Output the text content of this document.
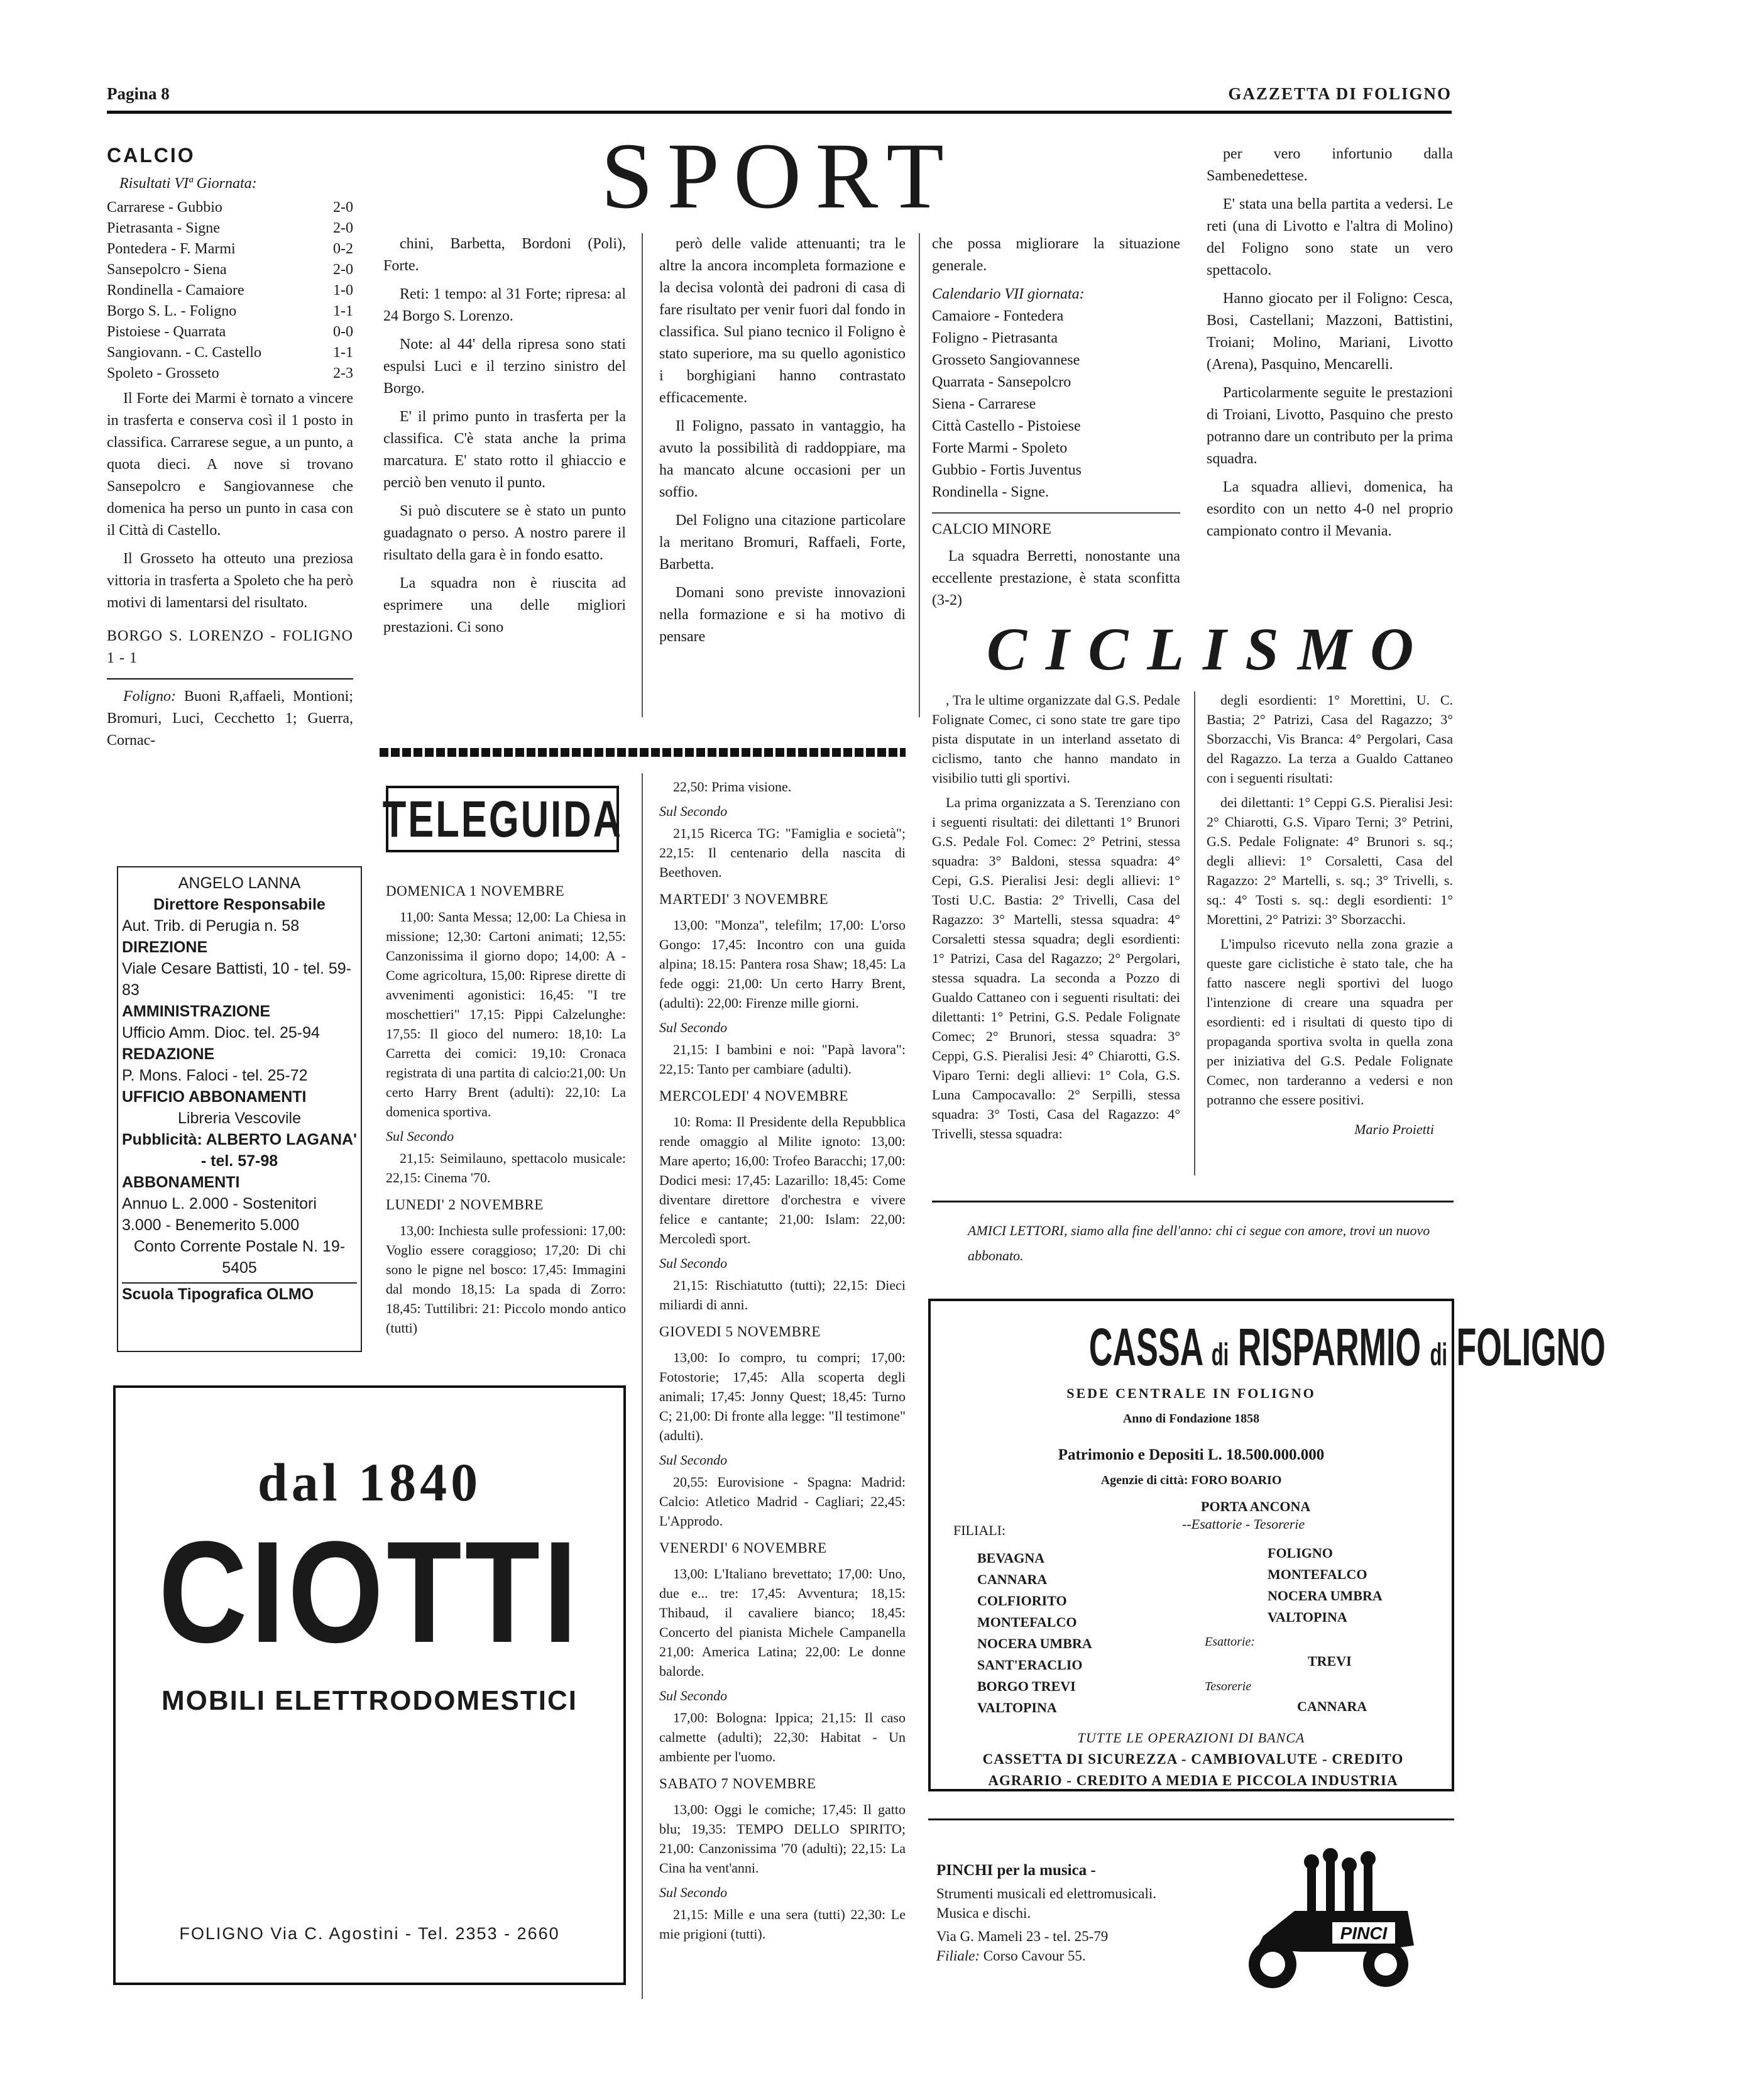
Pagina 8	GAZZETTA DI FOLIGNO
SPORT
CALCIO
Risultati VIª Giornata:
Carrarese - Gubbio	2-0
Pietrasanta - Signe	2-0
Pontedera - F. Marmi	0-2
Sansepolcro - Siena	2-0
Rondinella - Camaiore	1-0
Borgo S. L. - Foligno	1-1
Pistoiese - Quarrata	0-0
Sangiovann. - C. Castello	1-1
Spoleto - Grosseto	2-3

Il Forte dei Marmi è tornato a vincere in trasferta e conserva così il 1 posto in classifica. Carrarese segue, a un punto, a quota dieci. A nove si trovano Sansepolcro e Sangiovannese che domenica ha perso un punto in casa con il Città di Castello.

Il Grosseto ha otteuto una preziosa vittoria in trasferta a Spoleto che ha però motivi di lamentarsi del risultato.

BORGO S. LORENZO - FOLIGNO 1 - 1
Foligno: Buoni R,affaeli, Montioni; Bromuri, Luci, Cecchetto 1; Guerra, Cornac-
ANGELO LANNA
Direttore Responsabile
Aut. Trib. di Perugia n. 58
DIREZIONE
Viale Cesare Battisti, 10 - tel. 59-83
AMMINISTRAZIONE
Ufficio Amm. Dioc. tel. 25-94
REDAZIONE
P. Mons. Faloci - tel. 25-72
UFFICIO ABBONAMENTI
Libreria Vescovile
Pubblicità: ALBERTO LAGANA' - tel. 57-98
ABBONAMENTI
Annuo L. 2.000 - Sostenitori 3.000 - Benemerito 5.000
Conto Corrente Postale N. 19-5405
Scuola Tipografica OLMO
dal 1840
CIOTTI
MOBILI ELETTRODOMESTICI
FOLIGNO Via C. Agostini - Tel. 2353 - 2660

chini, Barbetta, Bordoni (Poli), Forte.

Reti: 1 tempo: al 31 Forte; ripresa: al 24 Borgo S. Lorenzo.

Note: al 44' della ripresa sono stati espulsi Luci e il terzino sinistro del Borgo.

E' il primo punto in trasferta per la classifica. C'è stata anche la prima marcatura. E' stato rotto il ghiaccio e perciò ben venuto il punto.

Si può discutere se è stato un punto guadagnato o perso. A nostro parere il risultato della gara è in fondo esatto.

La squadra non è riuscita ad esprimere una delle migliori prestazioni. Ci sono

però delle valide attenuanti; tra le altre la ancora incompleta formazione e la decisa volontà dei padroni di casa di fare risultato per venir fuori dal fondo in classifica. Sul piano tecnico il Foligno è stato superiore, ma su quello agonistico i borghigiani hanno contrastato efficacemente.

Il Foligno, passato in vantaggio, ha avuto la possibilità di raddoppiare, ma ha mancato alcune occasioni per un soffio.

Del Foligno una citazione particolare la meritano Bromuri, Raffaeli, Forte, Barbetta.

Domani sono previste innovazioni nella formazione e si ha motivo di pensare

che possa migliorare la situazione generale.

Calendario VII giornata:
Camaiore - Fontedera
Foligno - Pietrasanta
Grosseto Sangiovannese
Quarrata - Sansepolcro
Siena - Carrarese
Città Castello - Pistoiese
Forte Marmi - Spoleto
Gubbio - Fortis Juventus
Rondinella - Signe.
CALCIO MINORE

La squadra Berretti, nonostante una eccellente prestazione, è stata sconfitta (3-2)

per vero infortunio dalla Sambenedettese.

E' stata una bella partita a vedersi. Le reti (una di Livotto e l'altra di Molino) del Foligno sono state un vero spettacolo.

Hanno giocato per il Foligno: Cesca, Bosi, Castellani; Mazzoni, Battistini, Troiani; Molino, Mariani, Livotto (Arena), Pasquino, Mencarelli.

Particolarmente seguite le prestazioni di Troiani, Livotto, Pasquino che presto potranno dare un contributo per la prima squadra.

La squadra allievi, domenica, ha esordito con un netto 4-0 nel proprio campionato contro il Mevania.

TELEGUIDA

DOMENICA 1 NOVEMBRE

11,00: Santa Messa; 12,00: La Chiesa in missione; 12,30: Cartoni animati; 12,55: Canzonissima il giorno dopo; 14,00: A - Come agricoltura, 15,00: Riprese dirette di avvenimenti agonistici: 16,45: "I tre moschettieri" 17,15: Pippi Calzelunghe: 17,55: Il gioco del numero: 18,10: La Carretta dei comici: 19,10: Cronaca registrata di una partita di calcio:21,00: Un certo Harry Brent (adulti): 22,10: La domenica sportiva.

Sul Secondo

21,15: Seimilauno, spettacolo musicale: 22,15: Cinema '70.

LUNEDI' 2 NOVEMBRE

13,00: Inchiesta sulle professioni: 17,00: Voglio essere coraggioso; 17,20: Di chi sono le pigne nel bosco: 17,45: Immagini dal mondo 18,15: La spada di Zorro: 18,45: Tuttilibri: 21: Piccolo mondo antico (tutti)

22,50: Prima visione.

Sul Secondo

21,15 Ricerca TG: "Famiglia e società"; 22,15: Il centenario della nascita di Beethoven.

MARTEDI' 3 NOVEMBRE

13,00: "Monza", telefilm; 17,00: L'orso Gongo: 17,45: Incontro con una guida alpina; 18.15: Pantera rosa Shaw; 18,45: La fede oggi: 21,00: Un certo Harry Brent, (adulti): 22,00: Firenze mille giorni.

Sul Secondo

21,15: I bambini e noi: "Papà lavora": 22,15: Tanto per cambiare (adulti).

MERCOLEDI' 4 NOVEMBRE

10: Roma: Il Presidente della Repubblica rende omaggio al Milite ignoto: 13,00: Mare aperto; 16,00: Trofeo Baracchi; 17,00: Dodici mesi: 17,45: Lazarillo: 18,45: Come diventare direttore d'orchestra e vivere felice e cantante; 21,00: Islam: 22,00: Mercoledì sport.

Sul Secondo

21,15: Rischiatutto (tutti); 22,15: Dieci miliardi di anni.

GIOVEDI 5 NOVEMBRE

13,00: Io compro, tu compri; 17,00: Fotostorie; 17,45: Alla scoperta degli animali; 17,45: Jonny Quest; 18,45: Turno C; 21,00: Di fronte alla legge: "Il testimone" (adulti).

Sul Secondo

20,55: Eurovisione - Spagna: Madrid: Calcio: Atletico Madrid - Cagliari; 22,45: L'Approdo.

VENERDI' 6 NOVEMBRE

13,00: L'Italiano brevettato; 17,00: Uno, due e... tre: 17,45: Avventura; 18,15: Thibaud, il cavaliere bianco; 18,45: Concerto del pianista Michele Campanella 21,00: America Latina; 22,00: Le donne balorde.

Sul Secondo

17,00: Bologna: Ippica; 21,15: Il caso calmette (adulti); 22,30: Habitat - Un ambiente per l'uomo.

SABATO 7 NOVEMBRE

13,00: Oggi le comiche; 17,45: Il gatto blu; 19,35: TEMPO DELLO SPIRITO; 21,00: Canzonissima '70 (adulti); 22,15: La Cina ha vent'anni.

Sul Secondo

21,15: Mille e una sera (tutti) 22,30: Le mie prigioni (tutti).

CICLISMO

, Tra le ultime organizzate dal G.S. Pedale Folignate Comec, ci sono state tre gare tipo pista disputate in un interland assetato di ciclismo, tanto che hanno mandato in visibilio tutti gli sportivi.

La prima organizzata a S. Terenziano con i seguenti risultati: dei dilettanti 1° Brunori G.S. Pedale Fol. Comec: 2° Petrini, stessa squadra: 3° Baldoni, stessa squadra: 4° Cepi, G.S. Pieralisi Jesi: degli allievi: 1° Tosti U.C. Bastia: 2° Trivelli, Casa del Ragazzo: 3° Martelli, stessa squadra: 4° Corsaletti stessa squadra; degli esordienti: 1° Patrizi, Casa del Ragazzo; 2° Pergolari, stessa squadra. La seconda a Pozzo di Gualdo Cattaneo con i seguenti risultati: dei dilettanti: 1° Petrini, G.S. Pedale Folignate Comec; 2° Brunori, stessa squadra: 3° Ceppi, G.S. Pieralisi Jesi: 4° Chiarotti, G.S. Viparo Terni: degli allievi: 1° Cola, G.S. Luna Campocavallo: 2° Serpilli, stessa squadra: 3° Tosti, Casa del Ragazzo: 4° Trivelli, stessa squadra:

degli esordienti: 1° Morettini, U. C. Bastia; 2° Patrizi, Casa del Ragazzo; 3° Sborzacchi, Vis Branca: 4° Pergolari, Casa del Ragazzo. La terza a Gualdo Cattaneo con i seguenti risultati:

dei dilettanti: 1° Ceppi G.S. Pieralisi Jesi: 2° Chiarotti, G.S. Viparo Terni; 3° Petrini, G.S. Pedale Folignate: 4° Brunori s. sq.; degli allievi: 1° Corsaletti, Casa del Ragazzo: 2° Martelli, s. sq.; 3° Trivelli, s. sq.: 4° Tosti s. sq.: degli esordienti: 1° Morettini, 2° Patrizi: 3° Sborzacchi.

L'impulso ricevuto nella zona grazie a queste gare ciclistiche è stato tale, che ha fatto nascere negli sportivi del luogo l'intenzione di creare una squadra per esordienti: ed i risultati di questo tipo di propaganda sportiva svolta in quella zona per iniziativa del G.S. Pedale Folignate Comec, non tarderanno a vedersi e non potranno che essere positivi.

Mario Proietti
AMICI LETTORI, siamo alla fine dell'anno: chi ci segue con amore, trovi un nuovo abbonato.
CASSA di RISPARMIO di FOLIGNO
SEDE CENTRALE IN FOLIGNO
Anno di Fondazione 1858
Patrimonio e Depositi L. 18.500.000.000
Agenzie di città: FORO BOARIO
PORTA ANCONA
--Esattorie - Tesorerie
FILIALI:
BEVAGNA
CANNARA
COLFIORITO
MONTEFALCO
NOCERA UMBRA
SANT'ERACLIO
BORGO TREVI
VALTOPINA
FOLIGNO
MONTEFALCO
NOCERA UMBRA
VALTOPINA
Esattorie:
TREVI
Tesorerie
CANNARA
TUTTE LE OPERAZIONI DI BANCA
CASSETTA DI SICUREZZA - CAMBIOVALUTE - CREDITO AGRARIO - CREDITO A MEDIA E PICCOLA INDUSTRIA
PINCHI per la musica -
Strumenti musicali ed elettromusicali.
Musica e dischi.
Via G. Mameli 23 - tel. 25-79
Filiale: Corso Cavour 55.
PINCI
